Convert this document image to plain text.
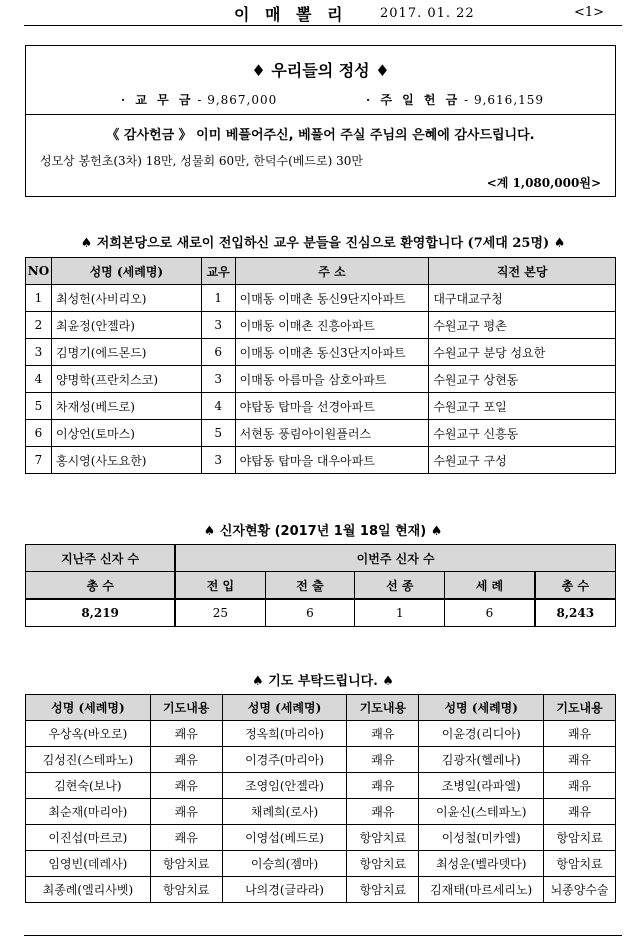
이 매 뽈 리 2017. 01. 22	<1>
♦ 우리들의 정성 ♦
· 교 무 금 - 9,867,000	· 주 일 헌 금 - 9,616,159
《 감사헌금 》 이미 베풀어주신, 베풀어 주실 주님의 은혜에 감사드립니다.
성모상 봉헌초(3차) 18만, 성물회 60만, 한덕수(베드로) 30만
<계 1,080,000원>
♠ 저희본당으로 새로이 전입하신 교우 분들을 진심으로 환영합니다 (7세대 25명) ♠
NO	성명 (세례명)	교우	주 소	직전 본당
1	최성헌(사비리오)	1	이매동 이매촌 동신9단지아파트	대구대교구청
2	최윤정(안젤라)	3	이매동 이매촌 진흥아파트	수원교구 평촌
3	김명기(에드몬드)	6	이매동 이매촌 동신3단지아파트	수원교구 분당 성요한
4	양명학(프란치스코)	3	이매동 아름마을 삼호아파트	수원교구 상현동
5	차재성(베드로)	4	야탑동 탑마을 선경아파트	수원교구 포일
6	이상언(토마스)	5	서현동 풍림아이원플러스	수원교구 신흥동
7	홍시영(사도요한)	3	야탑동 탑마을 대우아파트	수원교구 구성
♠ 신자현황 (2017년 1월 18일 현재) ♠
지난주 신자 수	이번주 신자 수				
총 수	전 입	전 출	선 종	세 례	총 수
8,219	25	6	1	6	8,243
♠ 기도 부탁드립니다. ♠
성명 (세례명)	기도내용	성명 (세례명)	기도내용	성명 (세례명)	기도내용
우상옥(바오로)	쾌유	정옥희(마리아)	쾌유	이윤경(리디아)	쾌유
김성진(스테파노)	쾌유	이경주(마리아)	쾌유	김광자(헬레나)	쾌유
김현숙(보나)	쾌유	조영임(안젤라)	쾌유	조병일(라파엘)	쾌유
최순재(마리아)	쾌유	채례희(로사)	쾌유	이윤신(스테파노)	쾌유
이진섭(마르코)	쾌유	이영섭(베드로)	항암치료	이성철(미카엘)	항암치료
임영빈(데레사)	항암치료	이승희(젬마)	항암치료	최성운(벨라뎃다)	항암치료
최종례(엘리사벳)	항암치료	나의경(글라라)	항암치료	김재태(마르세리노)	뇌종양수술
